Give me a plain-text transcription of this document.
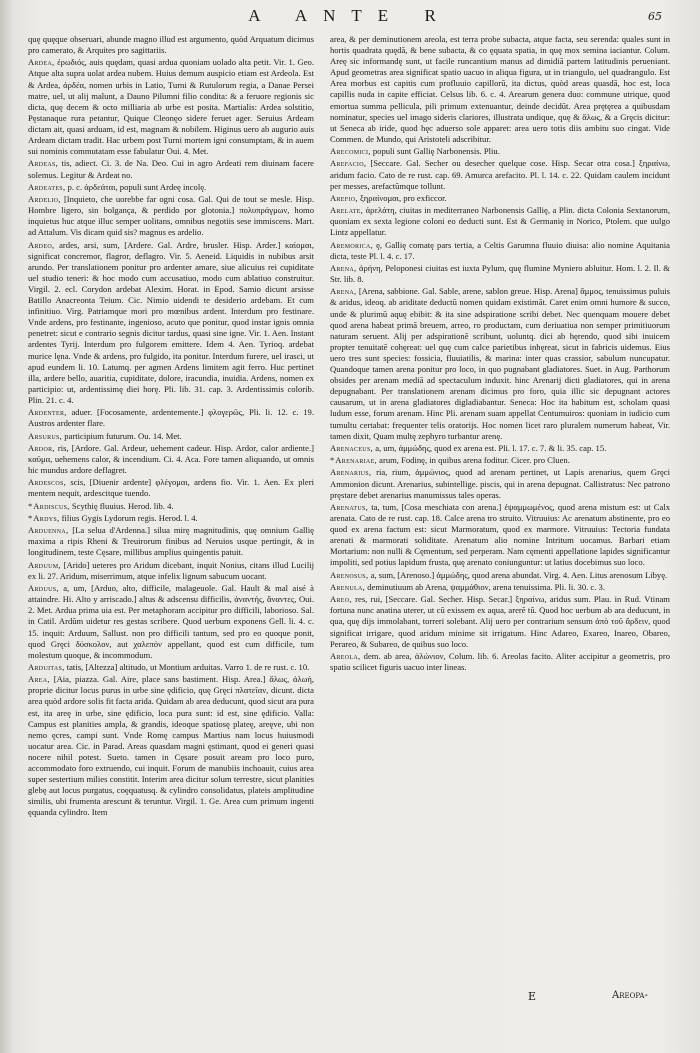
A ANTE R	65

quę quęque obseruari, abunde magno illud est argumento, quòd Arquatum dicimus pro camerato, & Arquites pro sagittariis.

Ardea, ἐρωδιός, auis quędam, quasi ardua quoniam uolado alta petit. Vir. 1. Geo. Atque alta supra uolat ardea nubem. Huius demum auspicio etiam est Ardeola. Est & Ardea, ἀρδέα, nomen urbis in Latio, Turni & Rutulorum regia, a Danae Persei matre, uel, ut alij malunt, a Dauno Pilumni filio condita: & a feruore regionis sic dicta, quę decem & octo milliaria ab urbe est posita. Martialis: Ardea solstitio, Pęstanaque rura petantur, Quique Cleonęo sidere feruet ager. Seruius Ardeam dictam ait, quasi arduam, id est, magnam & nobilem. Higinus uero ab augurio auis Ardeam dictam tradit. Hac urbem post Turni mortem igni consumptam, & in auem sui nominis commutatam esse fabulatur Oui. 4. Met.

Ardeas, tis, adiect. Ci. 3. de Na. Deo. Cui in agro Ardeati rem diuinam facere solemus. Legitur & Ardeat no.

Ardeates, p. c. ἀρδεάται, populi sunt Ardeę incolę.

Ardelio, [Inquieto, che uorebbe far ogni cosa. Gal. Qui de tout se mesle. Hisp. Hombre ligero, sin bolgança, & perdido por glotonia.] πολυπράγμων, homo inquietus huc atque illuc semper uolitans, omnibus negotiis sese immiscens. Mart. ad Attalum. Vis dicam quid sis? magnus es ardelio.

Ardeo, ardes, arsi, sum, [Ardere. Gal. Ardre, brusler. Hisp. Arder.] καίομαι, significat concremor, flagror, deflagro. Vir. 5. Aeneid. Liquidis in nubibus arsit arundo. Per translationem ponitur pro ardenter amare, siue alicuius rei cupiditate uel studio teneri: & hoc modo cum accusatiuo, modo cum ablatiuo construitur. Virgil. 2. ecl. Corydon ardebat Alexim. Horat. in Epod. Samio dicunt arsisse Batillo Anacreonta Teium. Cic. Nimio uidendi te desiderio ardebam. Et cum infinitiuo. Virg. Patriamque mori pro mœnibus ardent. Interdum pro festinare. Vnde ardens, pro festinante, ingenioso, acuto que ponitur, quod instar ignis omnia penetret: sicut e contrario segnis dicitur tardus, quasi sine igne. Vir. 1. Aen. Instant ardentes Tyrij. Interdum pro fulgorem emittere. Idem 4. Aen. Tyrioq. ardebat murice lęna. Vnde & ardens, pro fulgido, ita ponitur. Interdum furere, uel irasci, ut apud eundem li. 10. Latumq. per agmen Ardens limitem agit ferro. Huc pertinet illa, ardere bello, auaritia, cupiditate, dolore, iracundia, inuidia. Ardens, nomen ex participio: ut, ardentissimę diei horę. Pli. lib. 31. cap. 3. Ardentissimis colorib. Plin. 21. c. 4.

Ardenter, aduer. [Focosamente, ardentemente.] φλογερῶς, Pli. li. 12. c. 19. Austros ardenter flare.

Arsurus, participium futurum. Ou. 14. Met.

Ardor, ris, [Ardore. Gal. Ardeur, uehement cadeur. Hisp. Ardor, calor ardiente.] καῦμα, uehemens calor, & incendium. Ci. 4. Aca. Fore tamen aliquando, ut omnis hic mundus ardore deflagret.

Ardescos, scis, [Diuenir ardente] φλέγομαι, ardens fio. Vir. 1. Aen. Ex pleri mentem nequit, ardescitque tuendo.

*Ardiscus, Scythię fluuius. Herod. lib. 4.

*Ardys, filius Gygis Lydorum regis. Herod. l. 4.

Arduenna, [La selua d'Ardenna.] silua mirę magnitudinis, quę omnium Gallię maxima a ripis Rheni & Treuirorum finibus ad Neruios usque pertingit, & in longitudinem, teste Cęsare, millibus amplius quingentis patuit.

Arduum, [Arido] ueteres pro Aridum dicebant, inquit Nonius, citans illud Lucilij ex li. 27. Aridum, miserrimum, atque infelix lignum sabucum uocant.

Arduus, a, um, [Arduo, alto, difficile, malageuole. Gal. Hault & mal aisé à attaindre. Hi. Alto y arriscado.] altus & adscensu difficilis, ἀναντής, ἄναντες, Oui. 2. Met. Ardua prima uia est. Per metaphoram accipitur pro difficili, laborioso. Sal. in Catil. Ardũm uidetur res gestas scribere. Quod uerbum exponens Gell. li. 4. c. 15. inquit: Arduum, Sallust. non pro difficili tantum, sed pro eo quoque ponit, quod Gręci δύσκολον, aut χαλεπόν appellant, quod est cum difficile, tum molestum quoque, & incommodum.

Arduitas, tatis, [Altezza] altitudo, ut Montium arduitas. Varro 1. de re rust. c. 10.

Area, [Aia, piazza. Gal. Aire, place sans bastiment. Hisp. Area.] ἅλως, ἀλωή, proprie dicitur locus purus in urbe sine ędificio, quę Gręci πλατεῖαν, dicunt. dicta area quòd ardore solis fit facta arida. Quidam ab area deducunt, quod sicut ara pura est, ita areę in urbe, sine ędificio, loca pura sunt: id est, sine ędificio. Valla: Campus est planities ampla, & grandis, ideoque spatiosę plateę, areęve, ubi non nemo ęcres, campi sunt. Vnde Romę campus Martius nam locus huiusmodi uocatur area. Cic. in Parad. Areas quasdam magni ęstimant, quod ei generi quasi nocere nihil potest. Sueto. tamen in Cęsare posuit aream pro loco puro, accommodato foro extruendo, cui inquit. Forum de manubiis inchoauit, cuius area super sestertium milies constitit. Interim area dicitur solum terrestre, sicut planities glebę aut locus purgatus, coęquatusq. & cylindro consolidatus, plateis amplitudine similis, ubi frumenta arescunt & teruntur. Virgil. 1. Ge. Area cum primum ingenti ęquanda cylindro. Item

area, & per deminutionem areola, est terra probe subacta, atque facta, seu serenda: quales sunt in hortis quadrata quędā, & bene subacta, & co ęquata spatia, in quę mox semina iaciantur. Colum. Areę sic informandę sunt, ut facile runcantium manus ad dimidiā partem latitudinis perueniant. Apud geometras area significat spatio uacuo in aliqua figura, ut in triangulo, uel quadrangulo. Est Area morbus est capitis cum profluuio capillorū, ita dictus, quòd areas quasdā, hoc est, loca capillis nuda in capite efficiat. Celsus lib. 6. c. 4. Arearum genera duo: commune utrique, quod emortua summa pellicula, pili primum extenuantur, deinde decidūt. Area prętęrea a quibusdam nominatur, species uel imago sideris clariores, illustrata undique, quę & ἅλως, & a Gręcis dicitur: ut Seneca ab iride, quod hęc aduerso sole apparet: area uero totis diis ambitu suo cingat. Vide Commen. de Mundo, qui Aristoteli adscribitur.

Arecomici, populi sunt Gallię Narbonensis. Pliu.

Arefacio, [Seccare. Gal. Secher ou desecher quelque cose. Hisp. Secar otra cosa.] ξηραίνω, aridum facio. Cato de re rust. cap. 69. Amurca arefacito. Pl. l. 14. c. 22. Quidam caulem incidunt per messes, arefactũmque tollunt.

Arefio, ξηραίνομαι, pro exficcor.

Arelate, ἀρελάτη, ciuitas in mediterraneo Narbonensis Gallię, a Plin. dicta Colonia Sextanorum, quoniam ex sexta legione coloni eo deducti sunt. Est & Germanię in Norico, Ptolem. que uulgo Lintz appellatur.

Aremorica, ę, Gallię comatę pars tertia, a Celtis Garumna fluuio diuisa: alio nomine Aquitania dicta, teste Pl. l. 4. c. 17.

Arena, ἀρήνη, Peloponesi ciuitas est iuxta Pylum, quę flumine Myniero abluitur. Hom. l. 2. Il. & Str. lib. 8.

Arena, [Arena, sabbione. Gal. Sable, arene, sablon greue. Hisp. Arena] ἄμμος, tenuissimus puluis & aridus, ideoq. ab ariditate deductũ nomen quidam existimāt. Caret enim omni humore & succo, unde & plurimū aquę ebibit: & ita sine adspiratione scribi debet. Nec quenquam mouere debet quod arena habeat primā breuem, arreo, ro productam, cum deriuatiua non semper primitiuorum naturam seruent. Alij per adspirationē scribunt, uoluntq. dici ab hęrendo, quod sibi inuicem propter tenuitatē cohęreat: uel quę cum calce parietibus inhęreat, sicut in fabricis uidemus. Eius uero tres sunt species: fossicia, fluuiatilis, & marina: inter quas crassior, sabulum nuncupatur. Quandoque tamen arena ponitur pro loco, in quo pugnabant gladiatores. Suet. in Aug. Parthorum obsides per arenam mediā ad spectaculum induxit. hinc Arenarij dicti gladiatores, qui in arena depugnabant. Per translationem arenam dicimus pro foro, quia illic sic depugnant actores causarum, ut in arena gladiatores digladiabantur. Seneca: Hoc ita habitum est, scholam quasi ludum esse, forum arenam. Hinc Pli. arenam suam appellat Centumuiros: quoniam in iudicio cum tumultu certabat: frequenter telis oratorijs. Hoc nomen licet raro pluralem numerum habeat, Vir. tamen dixit, Quam multę zephyro turbantur arenę.

Arenaceus, a, um, ἀμμώδης, quod ex arena est. Pli. l. 17. c. 7. & li. 35. cap. 15.

*Arenariae, arum, Fodinę, in quibus arena foditur. Cicer. pro Cluen.

Arenarius, ria, rium, ἀμμώνιος, quod ad arenam pertinet, ut Lapis arenarius, quem Gręci Ammonion dicunt. Arenarius, subintellige. piscis, qui in arena depugnat. Callistratus: Nec patrono pręstare debet arenarius manumissus tales operas.

Arenatus, ta, tum, [Cosa meschiata con arena.] ἐψαμμωμένος, quod arena mistum est: ut Calx arenata. Cato de re rust. cap. 18. Calce arena tro struito. Vitruuius: Ac arenatum abstinente, pro eo quod ex arena factum est: sicut Marmoratum, quod ex marmore. Vitruuius: Tectoria fundata arenati & marmorati soliditate. Arenatum alio nomine Intritum uocamus. Barbari etiam Mortarium: non nulli & Cęmentum, sed perperam. Nam cęmenti appellatione lapides significantur impoliti, sed potius lapidum frusta, quę arenato coniunguntur: ut latius docebimus suo loco.

Arenosus, a, sum, [Arenoso.] ἀμμώδης, quod arena abundat. Virg. 4. Aen. Litus arenosum Libyę.

Arenula, deminutiuum ab Arena, ψαμμάθιον, arena tenuissima. Pli. li. 30. c. 3.

Areo, res, rui, [Seccare. Gal. Secher. Hisp. Secar.] ξηραίνω, aridus sum. Plau. in Rud. Vtinam fortuna nunc anatina uterer, ut cū exissem ex aqua, arerē tū. Quod hoc uerbum ab ara deducunt, in qua, quę dijs immolabant, torreri solebant. Alij uero per contrarium sensum ἀπὸ τοῦ ἄρδειν, quod significat irrigare, quod aridum minime sit irrigatum. Hinc Adareo, Exareo, Inareo, Obareo, Perareo, & Subareo, de quibus suo loco.

Areola, dem. ab area, ἁλώνιον, Colum. lib. 6. Areolas facito. Aliter accipitur a geometris, pro spatio scilicet figuris uacuo inter lineas.

E	Areopa-
